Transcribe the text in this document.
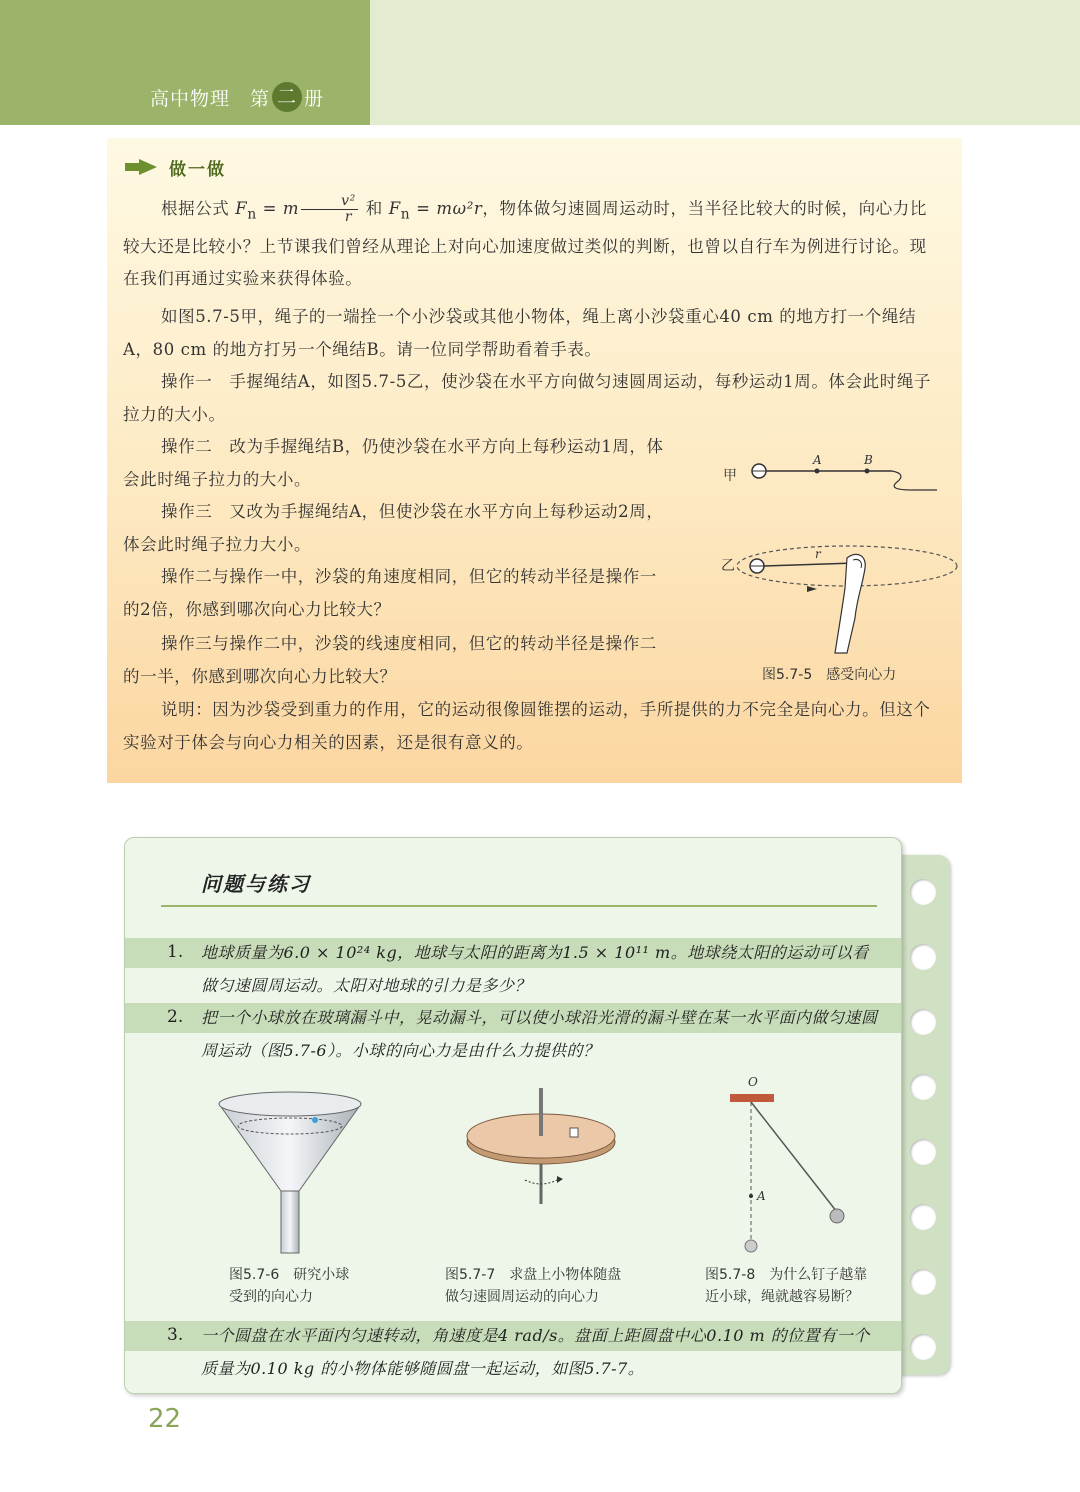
高中物理 第 二 册
做一做
根据公式 $F_n = m \frac{\text{v²}}{r}$ 和 $F_n = m\omega^2r$，物体做匀速圆周运动时，当半径比较大的时候，向心力比较大还是比较小？上节课我们曾经从理论上对向心加速度做过类似的判断，也曾以自行车为例进行讨论。现在我们再通过实验来获得体验。
如图5.7-5甲，绳子的一端拴一个小沙袋或其他小物体，绳上离小沙袋重心40 cm 的地方打一个绳结A，80 cm 的地方打另一个绳结B。请一位同学帮助看着手表。
操作一　手握绳结A，如图5.7-5乙，使沙袋在水平方向做匀速圆周运动，每秒运动1周。体会此时绳子拉力的大小。
操作二　改为手握绳结B，仍使沙袋在水平方向上每秒运动1周，体会此时绳子拉力的大小。
操作三　又改为手握绳结A，但使沙袋在水平方向上每秒运动2周，体会此时绳子拉力大小。
操作二与操作一中，沙袋的角速度相同，但它的转动半径是操作一的2倍，你感到哪次向心力比较大？
操作三与操作二中，沙袋的线速度相同，但它的转动半径是操作二的一半，你感到哪次向心力比较大？
说明：因为沙袋受到重力的作用，它的运动很像圆锥摆的运动，手所提供的力不完全是向心力。但这个实验对于体会与向心力相关的因素，还是很有意义的。
甲
A	B
乙
r
图5.7-5　感受向心力
问题与练习
1. 地球质量为6.0 × 10²⁴ kg，地球与太阳的距离为1.5 × 10¹¹ m。地球绕太阳的运动可以看做匀速圆周运动。太阳对地球的引力是多少？
2. 把一个小球放在玻璃漏斗中，晃动漏斗，可以使小球沿光滑的漏斗壁在某一水平面内做匀速圆周运动（图5.7-6）。小球的向心力是由什么力提供的？
图5.7-6　研究小球
受到的向心力
图5.7-7　求盘上小物体随盘
做匀速圆周运动的向心力
O
A
图5.7-8　为什么钉子越靠
近小球，绳就越容易断？
3. 一个圆盘在水平面内匀速转动，角速度是4 rad/s。盘面上距圆盘中心0.10 m 的位置有一个质量为0.10 kg 的小物体能够随圆盘一起运动，如图5.7-7。
22
